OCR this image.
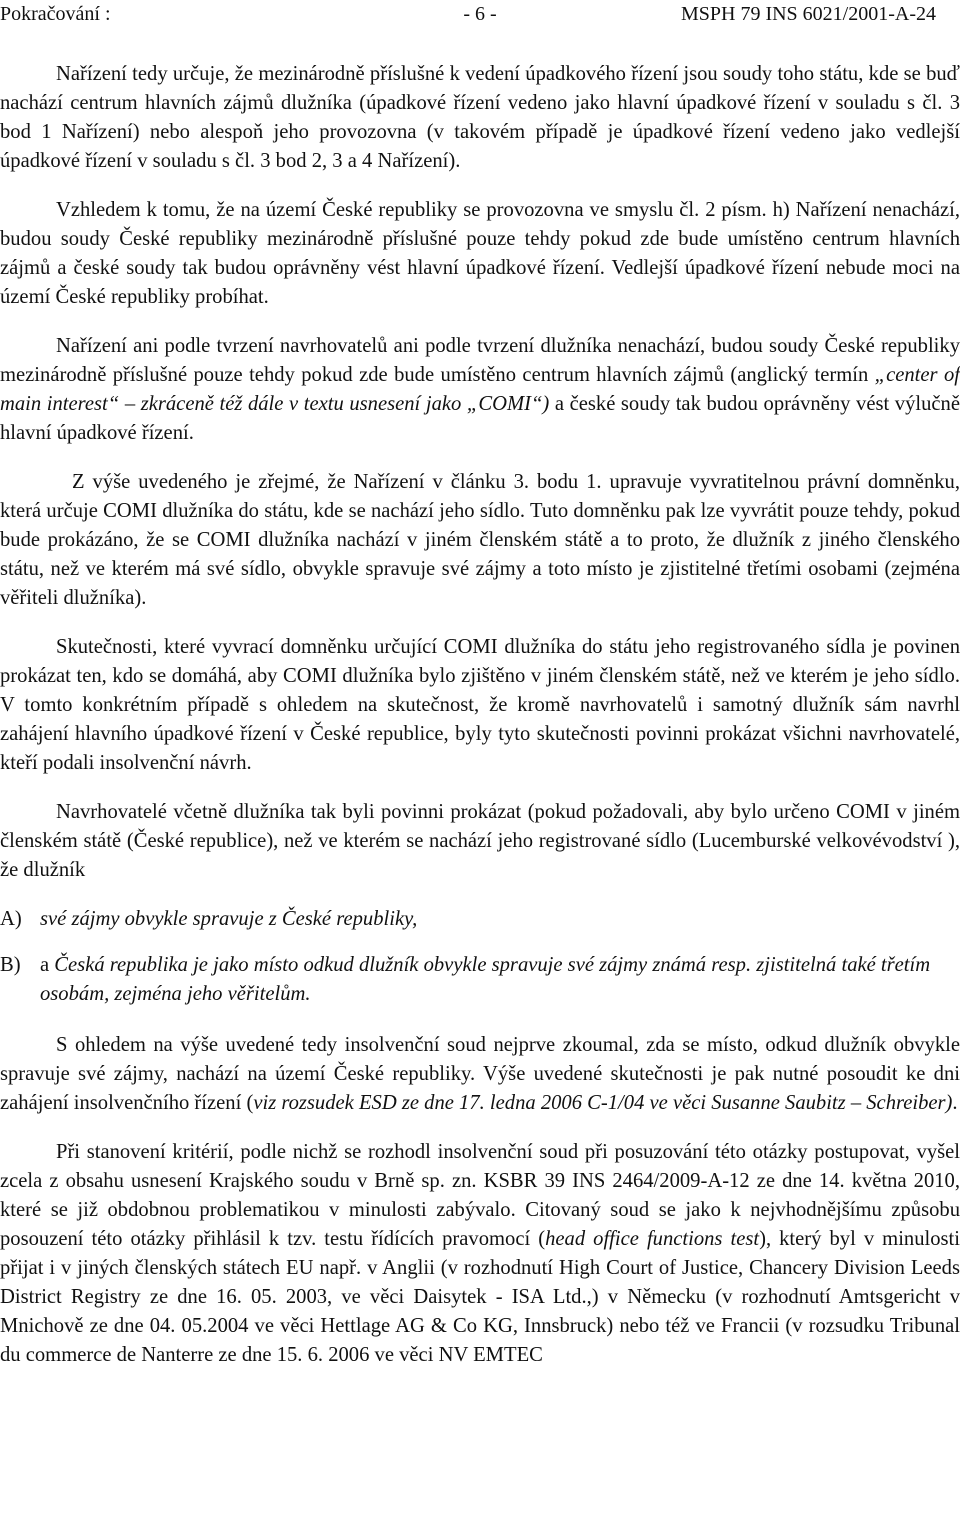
Pokračování :	- 6 -	MSPH 79 INS 6021/2001-A-24

Nařízení tedy určuje, že mezinárodně příslušné k vedení úpadkového řízení jsou soudy toho státu, kde se buď nachází centrum hlavních zájmů dlužníka (úpadkové řízení vedeno jako hlavní úpadkové řízení v souladu s čl. 3 bod 1 Nařízení) nebo alespoň jeho provozovna (v takovém případě je úpadkové řízení vedeno jako vedlejší úpadkové řízení v souladu s čl. 3 bod 2, 3 a 4 Nařízení).

Vzhledem k tomu, že na území České republiky se provozovna ve smyslu čl. 2 písm. h) Nařízení nenachází, budou soudy České republiky mezinárodně příslušné pouze tehdy pokud zde bude umístěno centrum hlavních zájmů a české soudy tak budou oprávněny vést hlavní úpadkové řízení. Vedlejší úpadkové řízení nebude moci na území České republiky probíhat.

Nařízení ani podle tvrzení navrhovatelů ani podle tvrzení dlužníka nenachází, budou soudy České republiky mezinárodně příslušné pouze tehdy pokud zde bude umístěno centrum hlavních zájmů (anglický termín „center of main interest“ – zkráceně též dále v textu usnesení jako „COMI“) a české soudy tak budou oprávněny vést výlučně hlavní úpadkové řízení.

Z výše uvedeného je zřejmé, že Nařízení v článku 3. bodu 1. upravuje vyvratitelnou právní domněnku, která určuje COMI dlužníka do státu, kde se nachází jeho sídlo. Tuto domněnku pak lze vyvrátit pouze tehdy, pokud bude prokázáno, že se COMI dlužníka nachází v jiném členském státě a to proto, že dlužník z jiného členského státu, než ve kterém má své sídlo, obvykle spravuje své zájmy a toto místo je zjistitelné třetími osobami (zejména věřiteli dlužníka).

Skutečnosti, které vyvrací domněnku určující COMI dlužníka do státu jeho registrovaného sídla je povinen prokázat ten, kdo se domáhá, aby COMI dlužníka bylo zjištěno v jiném členském státě, než ve kterém je jeho sídlo. V tomto konkrétním případě s ohledem na skutečnost, že kromě navrhovatelů i samotný dlužník sám navrhl zahájení hlavního úpadkové řízení v České republice, byly tyto skutečnosti povinni prokázat všichni navrhovatelé, kteří podali insolvenční návrh.

Navrhovatelé včetně dlužníka tak byli povinni prokázat (pokud požadovali, aby bylo určeno COMI v jiném členském státě (České republice), než ve kterém se nachází jeho registrované sídlo (Lucemburské velkovévodství ), že dlužník

A) své zájmy obvykle spravuje z České republiky,
B) a Česká republika je jako místo odkud dlužník obvykle spravuje své zájmy známá resp. zjistitelná také třetím osobám, zejména jeho věřitelům.

S ohledem na výše uvedené tedy insolvenční soud nejprve zkoumal, zda se místo, odkud dlužník obvykle spravuje své zájmy, nachází na území České republiky. Výše uvedené skutečnosti je pak nutné posoudit ke dni zahájení insolvenčního řízení (viz rozsudek ESD ze dne 17. ledna 2006 C-1/04 ve věci Susanne Saubitz – Schreiber).

Při stanovení kritérií, podle nichž se rozhodl insolvenční soud při posuzování této otázky postupovat, vyšel zcela z obsahu usnesení Krajského soudu v Brně sp. zn. KSBR 39 INS 2464/2009-A-12 ze dne 14. května 2010, které se již obdobnou problematikou v minulosti zabývalo. Citovaný soud se jako k nejvhodnějšímu způsobu posouzení této otázky přihlásil k tzv. testu řídících pravomocí (head office functions test), který byl v minulosti přijat i v jiných členských státech EU např. v Anglii (v rozhodnutí High Court of Justice, Chancery Division Leeds District Registry ze dne 16. 05. 2003, ve věci Daisytek - ISA Ltd.,) v Německu (v rozhodnutí Amtsgericht v Mnichově ze dne 04. 05.2004 ve věci Hettlage AG & Co KG, Innsbruck) nebo též ve Francii (v rozsudku Tribunal du commerce de Nanterre ze dne 15. 6. 2006 ve věci NV EMTEC
